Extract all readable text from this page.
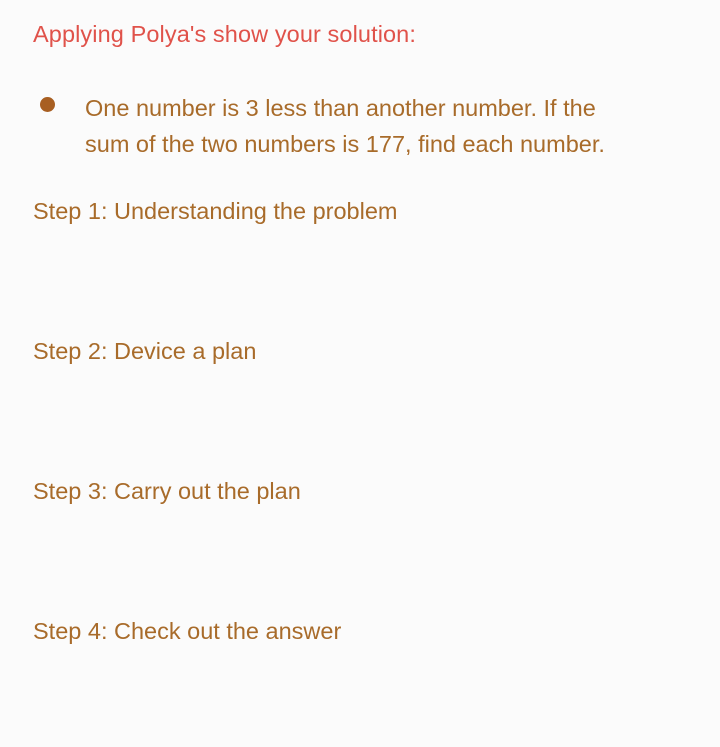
Applying Polya's show your solution:
One number is 3 less than another number. If the
sum of the two numbers is 177, find each number.
Step 1: Understanding the problem
Step 2: Device a plan
Step 3: Carry out the plan
Step 4: Check out the answer
